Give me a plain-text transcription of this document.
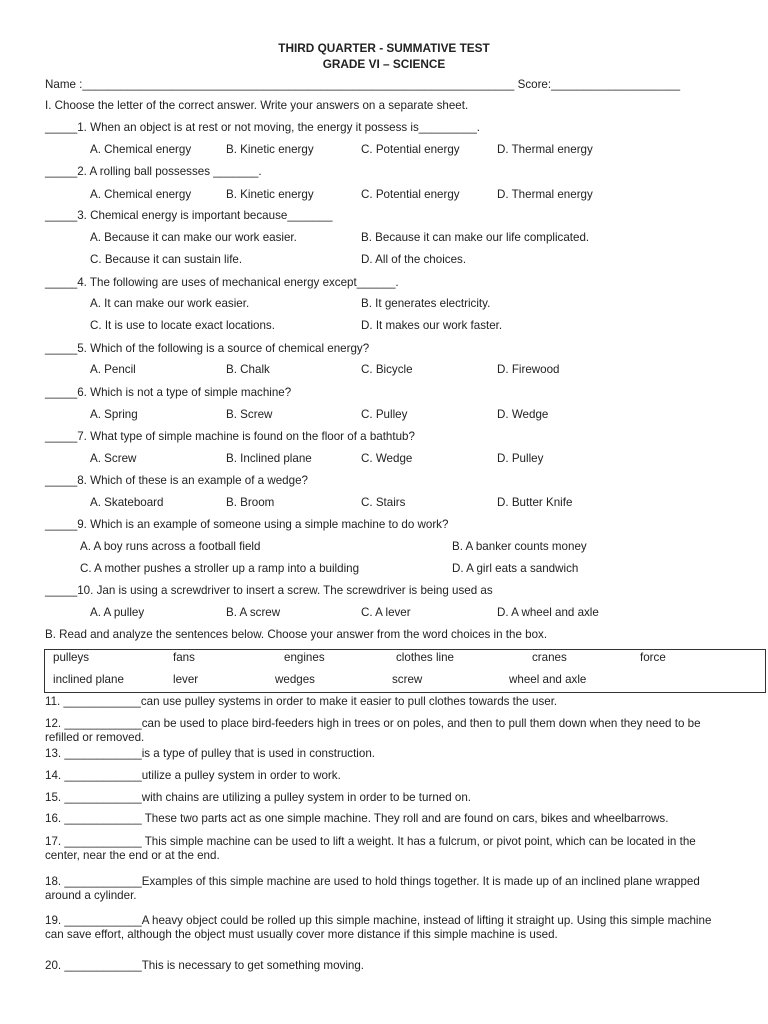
THIRD QUARTER - SUMMATIVE TEST
GRADE VI – SCIENCE
Name :___________________________________________________________________ Score:____________________
I. Choose the letter of the correct answer. Write your answers on a separate sheet.
_____1. When an object is at rest or not moving, the energy it possess is_________.
A. Chemical energy	B. Kinetic energy	C. Potential energy	D. Thermal energy
_____2. A rolling ball possesses _______.
A. Chemical energy	B. Kinetic energy	C. Potential energy	D. Thermal energy
_____3. Chemical energy is important because_______
A. Because it can make our work easier.	B. Because it can make our life complicated.
C. Because it can sustain life.	D. All of the choices.
_____4. The following are uses of mechanical energy except______.
A. It can make our work easier.	B. It generates electricity.
C. It is use to locate exact locations.	D. It makes our work faster.
_____5. Which of the following is a source of chemical energy?
A. Pencil	B. Chalk	C. Bicycle	D. Firewood
_____6. Which is not a type of simple machine?
A. Spring	B. Screw	C. Pulley	D. Wedge
_____7. What type of simple machine is found on the floor of a bathtub?
A. Screw	B. Inclined plane	C. Wedge	D. Pulley
_____8. Which of these is an example of a wedge?
A. Skateboard	B. Broom	C. Stairs	D. Butter Knife
_____9. Which is an example of someone using a simple machine to do work?
A. A boy runs across a football field	B. A banker counts money
C. A mother pushes a stroller up a ramp into a building	D. A girl eats a sandwich
_____10. Jan is using a screwdriver to insert a screw. The screwdriver is being used as
A. A pulley	B. A screw	C. A lever	D. A wheel and axle
B. Read and analyze the sentences below. Choose your answer from the word choices in the box.
pulleys	fans	engines	clothes line	cranes	force
inclined plane	lever	wedges	screw	wheel and axle
11. ____________can use pulley systems in order to make it easier to pull clothes towards the user.
12. ____________can be used to place bird-feeders high in trees or on poles, and then to pull them down when they need to be refilled or removed.
13. ____________is a type of pulley that is used in construction.
14. ____________utilize a pulley system in order to work.
15. ____________with chains are utilizing a pulley system in order to be turned on.
16. ____________ These two parts act as one simple machine. They roll and are found on cars, bikes and wheelbarrows.
17. ____________ This simple machine can be used to lift a weight. It has a fulcrum, or pivot point, which can be located in the center, near the end or at the end.
18. ____________Examples of this simple machine are used to hold things together. It is made up of an inclined plane wrapped around a cylinder.
19. ____________A heavy object could be rolled up this simple machine, instead of lifting it straight up. Using this simple machine can save effort, although the object must usually cover more distance if this simple machine is used.
20. ____________This is necessary to get something moving.
